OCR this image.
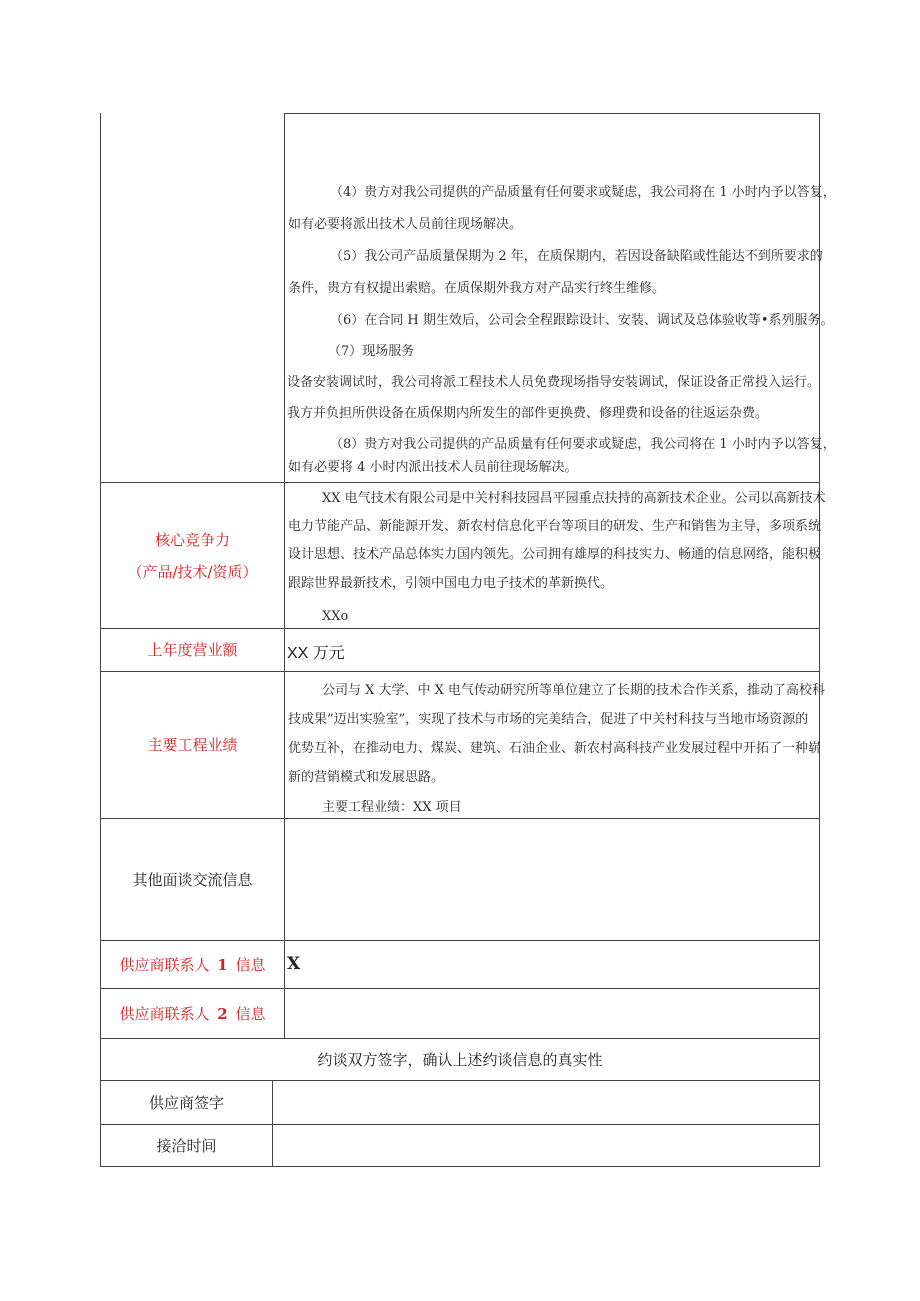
（4）贵方对我公司提供的产品质量有任何要求或疑虑，我公司将在 1 小时内予以答复，
如有必要将派出技术人员前往现场解决。
（5）我公司产品质量保期为 2 年，在质保期内，若因设备缺陷或性能达不到所要求的
条件，贵方有权提出索赔。在质保期外我方对产品实行终生维修。
（6）在合同 H 期生效后，公司会全程跟踪设计、安装、调试及总体验收等•系列服务。
（7）现场服务
设备安装调试时，我公司将派工程技术人员免费现场指导安装调试，保证设备正常投入运行。
我方并负担所供设备在质保期内所发生的部件更换费、修理费和设备的往返运杂费。
（8）贵方对我公司提供的产品质量有任何要求或疑虑，我公司将在 1 小时内予以答复，
如有必要将 4 小时内派出技术人员前往现场解决。
核心竞争力
（产品/技术/资质）
XX 电气技术有限公司是中关村科技园昌平园重点扶持的高新技术企业。公司以高新技术
电力节能产品、新能源开发、新农村信息化平台等项目的研发、生产和销售为主导，多项系统
设计思想、技术产品总体实力国内领先。公司拥有雄厚的科技实力、畅通的信息网络，能积极
跟踪世界最新技术，引领中国电力电子技术的革新换代。
XXo
上年度营业额	XX 万元
主要工程业绩
公司与 X 大学、中 X 电气传动研究所等单位建立了长期的技术合作关系，推动了高校科
技成果”迈出实验室”，实现了技术与市场的完美结合，促进了中关村科技与当地市场资源的
优势互补，在推动电力、煤炭、建筑、石油企业、新农村高科技产业发展过程中开拓了一种崭
新的营销模式和发展思路。
主要工程业绩：XX 项目
其他面谈交流信息
供应商联系人 1 信息 X
供应商联系人 2 信息
约谈双方签字，确认上述约谈信息的真实性
供应商签字
接洽时间
